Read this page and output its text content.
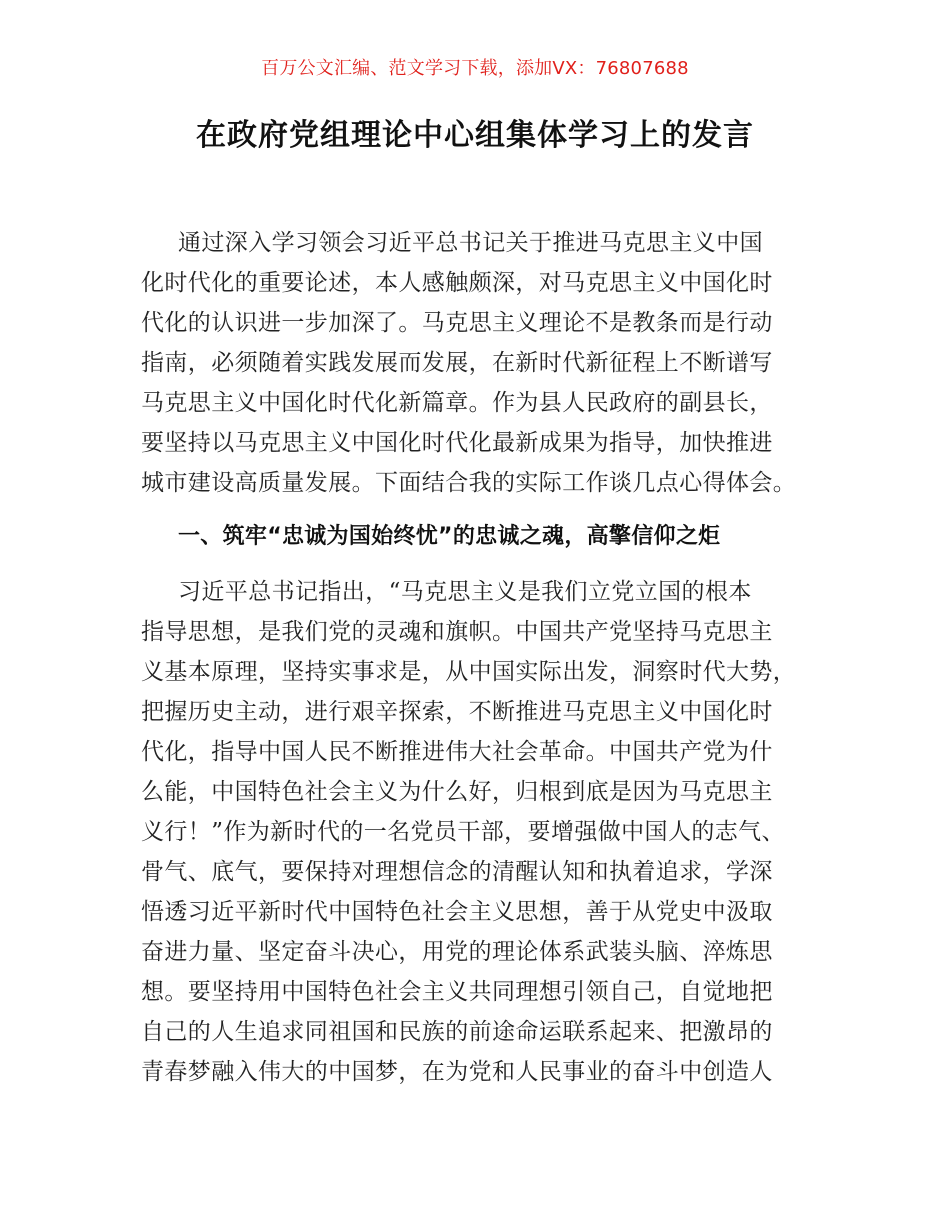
百万公文汇编、范文学习下载，添加VX：76807688
在政府党组理论中心组集体学习上的发言
通过深入学习领会习近平总书记关于推进马克思主义中国
化时代化的重要论述，本人感触颇深，对马克思主义中国化时
代化的认识进一步加深了。马克思主义理论不是教条而是行动
指南，必须随着实践发展而发展，在新时代新征程上不断谱写
马克思主义中国化时代化新篇章。作为县人民政府的副县长，
要坚持以马克思主义中国化时代化最新成果为指导，加快推进
城市建设高质量发展。下面结合我的实际工作谈几点心得体会。
一、筑牢“忠诚为国始终忧”的忠诚之魂，高擎信仰之炬
习近平总书记指出，“马克思主义是我们立党立国的根本
指导思想，是我们党的灵魂和旗帜。中国共产党坚持马克思主
义基本原理，坚持实事求是，从中国实际出发，洞察时代大势，
把握历史主动，进行艰辛探索，不断推进马克思主义中国化时
代化，指导中国人民不断推进伟大社会革命。中国共产党为什
么能，中国特色社会主义为什么好，归根到底是因为马克思主
义行！”作为新时代的一名党员干部，要增强做中国人的志气、
骨气、底气，要保持对理想信念的清醒认知和执着追求，学深
悟透习近平新时代中国特色社会主义思想，善于从党史中汲取
奋进力量、坚定奋斗决心，用党的理论体系武装头脑、淬炼思
想。要坚持用中国特色社会主义共同理想引领自己，自觉地把
自己的人生追求同祖国和民族的前途命运联系起来、把激昂的
青春梦融入伟大的中国梦，在为党和人民事业的奋斗中创造人
